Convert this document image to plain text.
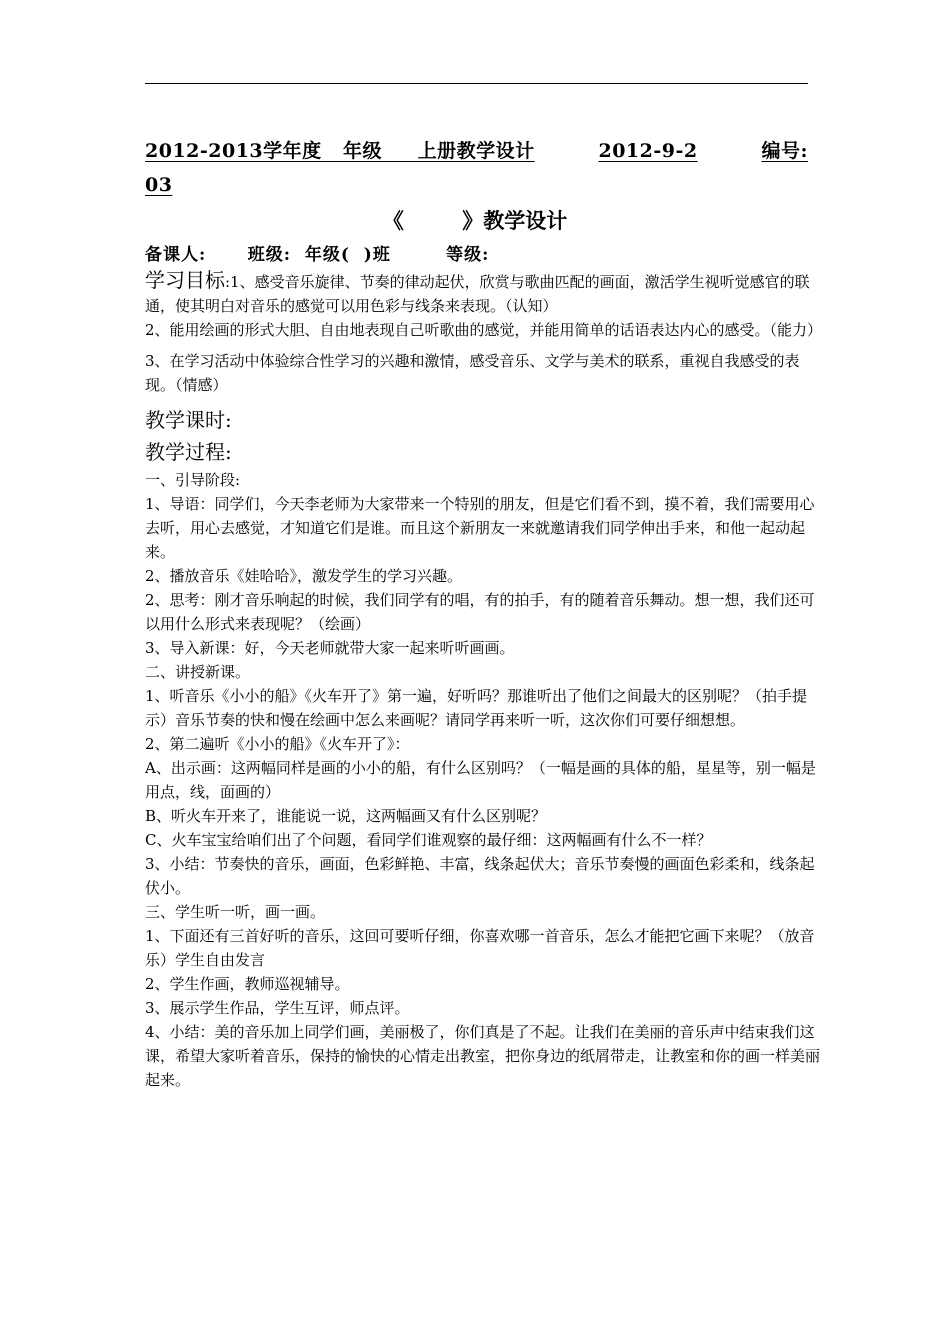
2012-2013学年度   年级     上册教学设计	2012-9-2	编号:
03
《        》教学设计
备课人:      班级:  年级(  )班        等级:

学习目标:1、感受音乐旋律、节奏的律动起伏，欣赏与歌曲匹配的画面，激活学生视听觉感官的联通，使其明白对音乐的感觉可以用色彩与线条来表现。（认知）

2、能用绘画的形式大胆、自由地表现自己听歌曲的感觉，并能用简单的话语表达内心的感受。（能力）

3、在学习活动中体验综合性学习的兴趣和激情，感受音乐、文学与美术的联系，重视自我感受的表现。（情感）

教学课时:

教学过程:

一、引导阶段:

1、导语：同学们，今天李老师为大家带来一个特别的朋友，但是它们看不到，摸不着，我们需要用心去听，用心去感觉，才知道它们是谁。而且这个新朋友一来就邀请我们同学伸出手来，和他一起动起来。

2、播放音乐《娃哈哈》，激发学生的学习兴趣。

2、思考：刚才音乐响起的时候，我们同学有的唱，有的拍手，有的随着音乐舞动。想一想，我们还可以用什么形式来表现呢？（绘画）

3、导入新课：好，今天老师就带大家一起来听听画画。

二、讲授新课。

1、听音乐《小小的船》《火车开了》第一遍，好听吗？那谁听出了他们之间最大的区别呢？（拍手提示）音乐节奏的快和慢在绘画中怎么来画呢？请同学再来听一听，这次你们可要仔细想想。

2、第二遍听《小小的船》《火车开了》：

A、出示画：这两幅同样是画的小小的船，有什么区别吗？（一幅是画的具体的船，星星等，别一幅是用点，线，面画的）

B、听火车开来了，谁能说一说，这两幅画又有什么区别呢？

C、火车宝宝给咱们出了个问题，看同学们谁观察的最仔细：这两幅画有什么不一样？

3、小结：节奏快的音乐，画面，色彩鲜艳、丰富，线条起伏大；音乐节奏慢的画面色彩柔和，线条起伏小。

三、学生听一听，画一画。

1、下面还有三首好听的音乐，这回可要听仔细，你喜欢哪一首音乐，怎么才能把它画下来呢？（放音乐）学生自由发言

2、学生作画，教师巡视辅导。

3、展示学生作品，学生互评，师点评。

4、小结：美的音乐加上同学们画，美丽极了，你们真是了不起。让我们在美丽的音乐声中结束我们这课，希望大家听着音乐，保持的愉快的心情走出教室，把你身边的纸屑带走，让教室和你的画一样美丽起来。
